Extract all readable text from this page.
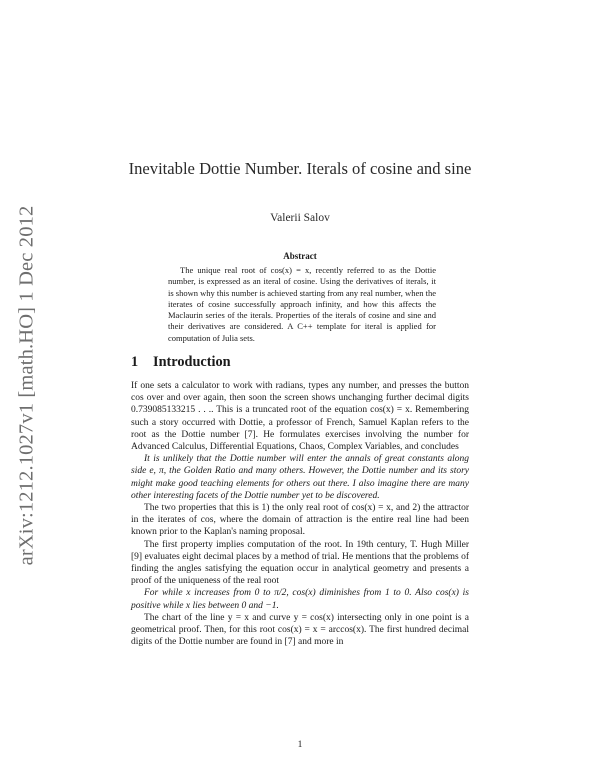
arXiv:1212.1027v1 [math.HO] 1 Dec 2012
Inevitable Dottie Number. Iterals of cosine and sine
Valerii Salov
Abstract
The unique real root of cos(x) = x, recently referred to as the Dottie number, is expressed as an iteral of cosine. Using the derivatives of iterals, it is shown why this number is achieved starting from any real number, when the iterates of cosine successfully approach infinity, and how this affects the Maclaurin series of the iterals. Properties of the iterals of cosine and sine and their derivatives are considered. A C++ template for iteral is applied for computation of Julia sets.
1 Introduction

If one sets a calculator to work with radians, types any number, and presses the button cos over and over again, then soon the screen shows unchanging further decimal digits 0.739085133215 . . .. This is a truncated root of the equation cos(x) = x. Remembering such a story occurred with Dottie, a professor of French, Samuel Kaplan refers to the root as the Dottie number [7]. He formulates exercises involving the number for Advanced Calculus, Differential Equations, Chaos, Complex Variables, and concludes

It is unlikely that the Dottie number will enter the annals of great constants along side e, π, the Golden Ratio and many others. However, the Dottie number and its story might make good teaching elements for others out there. I also imagine there are many other interesting facets of the Dottie number yet to be discovered.

The two properties that this is 1) the only real root of cos(x) = x, and 2) the attractor in the iterates of cos, where the domain of attraction is the entire real line had been known prior to the Kaplan's naming proposal.

The first property implies computation of the root. In 19th century, T. Hugh Miller [9] evaluates eight decimal places by a method of trial. He mentions that the problems of finding the angles satisfying the equation occur in analytical geometry and presents a proof of the uniqueness of the real root

For while x increases from 0 to π/2, cos(x) diminishes from 1 to 0. Also cos(x) is positive while x lies between 0 and −1.

The chart of the line y = x and curve y = cos(x) intersecting only in one point is a geometrical proof. Then, for this root cos(x) = x = arccos(x). The first hundred decimal digits of the Dottie number are found in [7] and more in

1
